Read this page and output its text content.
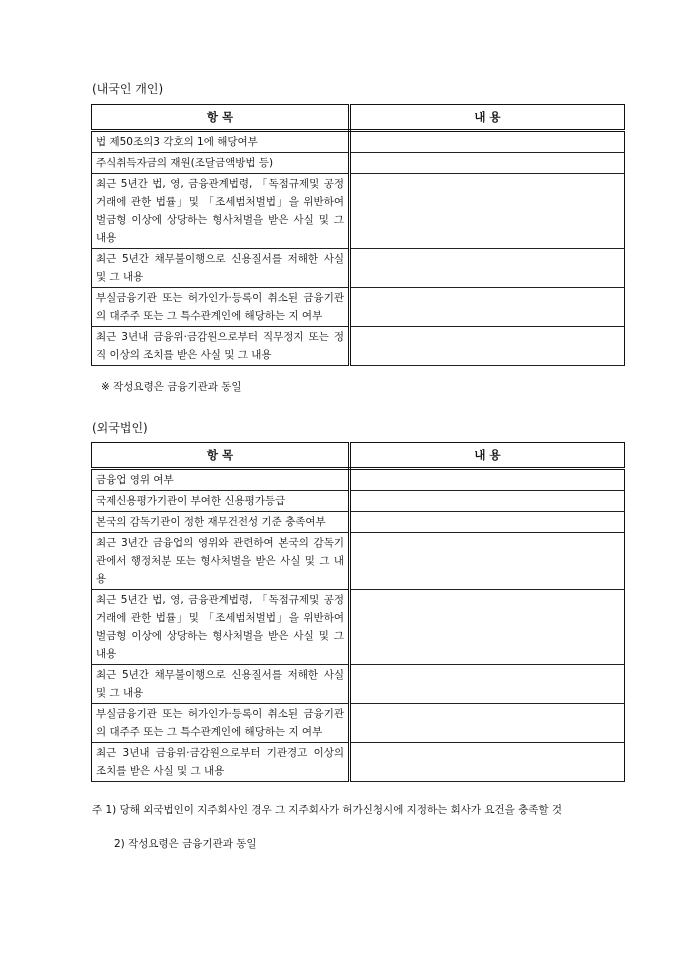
(내국인 개인)
항 목	내 용
법 제50조의3 각호의 1에 해당여부	
주식취득자금의 재원(조달금액방법 등)	
최근 5년간 법, 영, 금융관계법령, 「독점규제및 공정거래에 관한 법률」및 「조세범처벌법」을 위반하여 벌금형 이상에 상당하는 형사처벌을 받은 사실 및 그 내용	
최근 5년간 채무불이행으로 신용질서를 저해한 사실 및 그 내용	
부실금융기관 또는 허가인가·등록이 취소된 금융기관의 대주주 또는 그 특수관계인에 해당하는 지 여부	
최근 3년내 금융위·금감원으로부터 직무정지 또는 정직 이상의 조치를 받은 사실 및 그 내용	
※ 작성요령은 금융기관과 동일
(외국법인)
항 목	내 용
금융업 영위 여부	
국제신용평가기관이 부여한 신용평가등급	
본국의 감독기관이 정한 재무건전성 기준 충족여부	
최근 3년간 금융업의 영위와 관련하여 본국의 감독기관에서 행정처분 또는 형사처벌을 받은 사실 및 그 내용	
최근 5년간 법, 영, 금융관계법령, 「독점규제및 공정거래에 관한 법률」및 「조세범처벌법」을 위반하여 벌금형 이상에 상당하는 형사처벌을 받은 사실 및 그 내용	
최근 5년간 채무불이행으로 신용질서를 저해한 사실 및 그 내용	
부실금융기관 또는 허가인가·등록이 취소된 금융기관의 대주주 또는 그 특수관계인에 해당하는 지 여부	
최근 3년내 금융위·금감원으로부터 기관경고 이상의 조치를 받은 사실 및 그 내용	
주 1) 당해 외국법인이 지주회사인 경우 그 지주회사가 허가신청시에 지정하는 회사가 요건을 충족할 것
2) 작성요령은 금융기관과 동일
